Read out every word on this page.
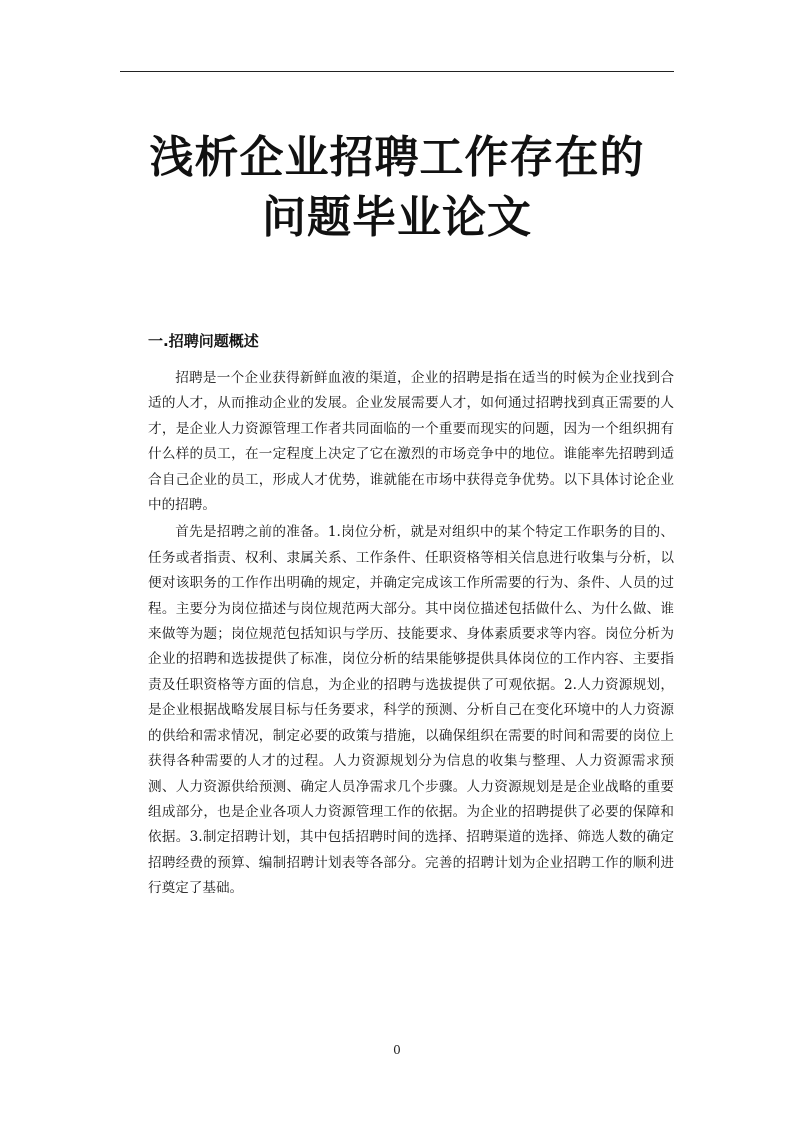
浅析企业招聘工作存在的
问题毕业论文
一.招聘问题概述

招聘是一个企业获得新鲜血液的渠道，企业的招聘是指在适当的时候为企业找到合适的人才，从而推动企业的发展。企业发展需要人才，如何通过招聘找到真正需要的人才，是企业人力资源管理工作者共同面临的一个重要而现实的问题，因为一个组织拥有什么样的员工，在一定程度上决定了它在激烈的市场竞争中的地位。谁能率先招聘到适合自己企业的员工，形成人才优势，谁就能在市场中获得竞争优势。以下具体讨论企业中的招聘。

首先是招聘之前的准备。1.岗位分析，就是对组织中的某个特定工作职务的目的、任务或者指责、权利、隶属关系、工作条件、任职资格等相关信息进行收集与分析，以便对该职务的工作作出明确的规定，并确定完成该工作所需要的行为、条件、人员的过程。主要分为岗位描述与岗位规范两大部分。其中岗位描述包括做什么、为什么做、谁来做等为题；岗位规范包括知识与学历、技能要求、身体素质要求等内容。岗位分析为企业的招聘和选拔提供了标准，岗位分析的结果能够提供具体岗位的工作内容、主要指责及任职资格等方面的信息，为企业的招聘与选拔提供了可观依据。2.人力资源规划，是企业根据战略发展目标与任务要求，科学的预测、分析自己在变化环境中的人力资源的供给和需求情况，制定必要的政策与措施，以确保组织在需要的时间和需要的岗位上获得各种需要的人才的过程。人力资源规划分为信息的收集与整理、人力资源需求预测、人力资源供给预测、确定人员净需求几个步骤。人力资源规划是是企业战略的重要组成部分，也是企业各项人力资源管理工作的依据。为企业的招聘提供了必要的保障和依据。3.制定招聘计划，其中包括招聘时间的选择、招聘渠道的选择、筛选人数的确定招聘经费的预算、编制招聘计划表等各部分。完善的招聘计划为企业招聘工作的顺利进行奠定了基础。

0
